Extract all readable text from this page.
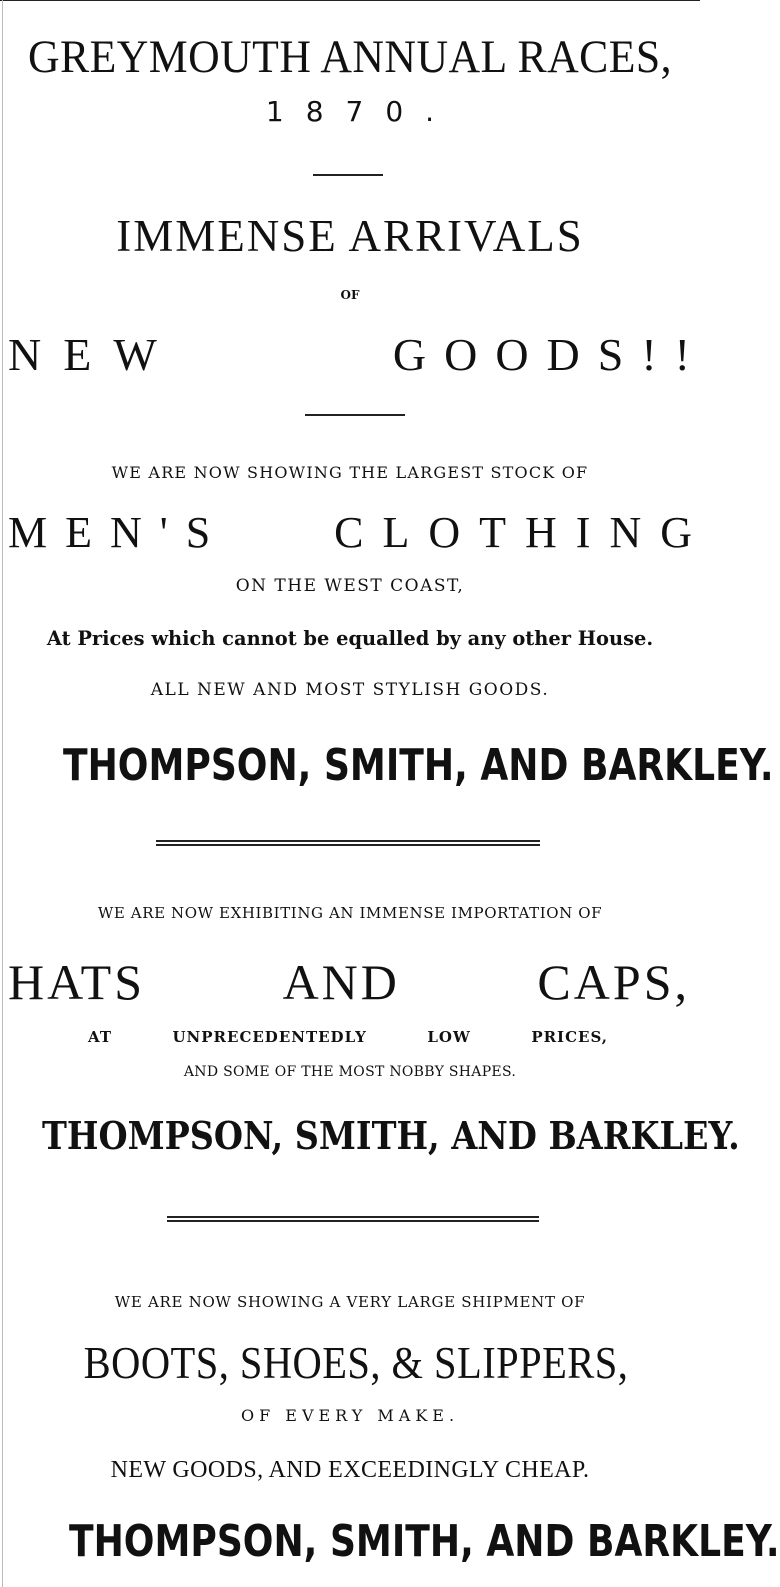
GREYMOUTH ANNUAL RACES,
1870.
IMMENSE ARRIVALS
OF
NEW	GOODS!!
WE ARE NOW SHOWING THE LARGEST STOCK OF
MEN'S CLOTHING
ON THE WEST COAST,
At Prices which cannot be equalled by any other House.
ALL NEW AND MOST STYLISH GOODS.
THOMPSON, SMITH, AND BARKLEY.
WE ARE NOW EXHIBITING AN IMMENSE IMPORTATION OF
HATS	AND	CAPS,
AT	UNPRECEDENTEDLY	LOW	PRICES,
AND SOME OF THE MOST NOBBY SHAPES.
THOMPSON, SMITH, AND BARKLEY.
WE ARE NOW SHOWING A VERY LARGE SHIPMENT OF
BOOTS, SHOES, & SLIPPERS,
OF EVERY MAKE.
NEW GOODS, AND EXCEEDINGLY CHEAP.
THOMPSON, SMITH, AND BARKLEY.
